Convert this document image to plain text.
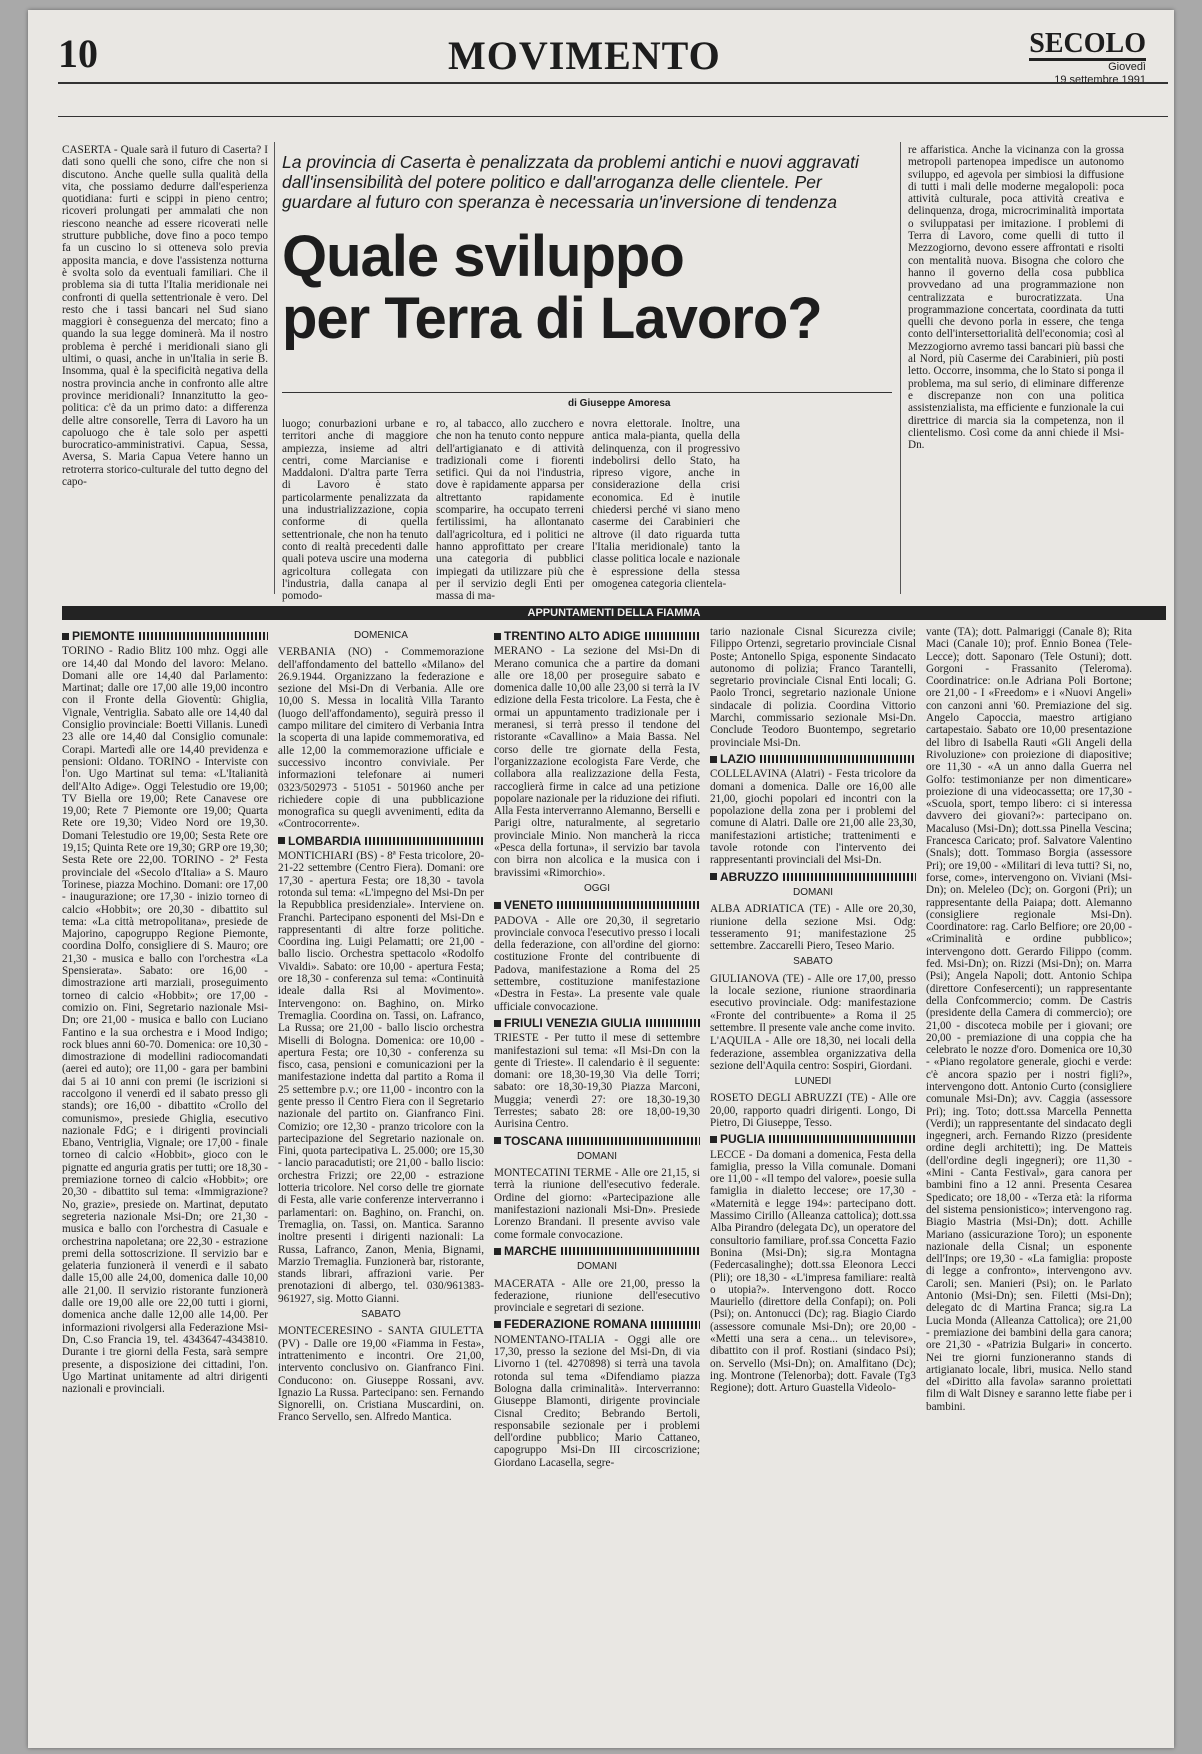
10	MOVIMENTO	SECOLO
Giovedì
19 settembre 1991

CASERTA - Quale sarà il futuro di Caserta? I dati sono quelli che sono, cifre che non si discutono. Anche quelle sulla qualità della vita, che possiamo dedurre dall'esperienza quotidiana: furti e scippi in pieno centro; ricoveri prolungati per ammalati che non riescono neanche ad essere ricoverati nelle strutture pubbliche, dove fino a poco tempo fa un cuscino lo si otteneva solo previa apposita mancia, e dove l'assistenza notturna è svolta solo da eventuali familiari. Che il problema sia di tutta l'Italia meridionale nei confronti di quella settentrionale è vero. Del resto che i tassi bancari nel Sud siano maggiori è conseguenza del mercato; fino a quando la sua legge dominerà. Ma il nostro problema è perché i meridionali siano gli ultimi, o quasi, anche in un'Italia in serie B. Insomma, qual è la specificità negativa della nostra provincia anche in confronto alle altre province meridionali? Innanzitutto la geo-politica: c'è da un primo dato: a differenza delle altre consorelle, Terra di Lavoro ha un capoluogo che è tale solo per aspetti burocratico-amministrativi. Capua, Sessa, Aversa, S. Maria Capua Vetere hanno un retroterra storico-culturale del tutto degno del capo-

La provincia di Caserta è penalizzata da problemi antichi e nuovi aggravati dall'insensibilità del potere politico e dall'arroganza delle clientele. Per guardare al futuro con speranza è necessaria un'inversione di tendenza
Quale sviluppo
per Terra di Lavoro?
di Giuseppe Amoresa

luogo; conurbazioni urbane e territori anche di maggiore ampiezza, insieme ad altri centri, come Marcianise e Maddaloni. D'altra parte Terra di Lavoro è stato particolarmente penalizzata da una industrializzazione, copia conforme di quella settentrionale, che non ha tenuto conto di realtà precedenti dalle quali poteva uscire una moderna agricoltura collegata con l'industria, dalla canapa al pomodo-

ro, al tabacco, allo zucchero e che non ha tenuto conto neppure dell'artigianato e di attività tradizionali come i fiorenti setifici. Qui da noi l'industria, dove è rapidamente apparsa per altrettanto rapidamente scomparire, ha occupato terreni fertilissimi, ha allontanato dall'agricoltura, ed i politici ne hanno approfittato per creare una categoria di pubblici impiegati da utilizzare più che per il servizio degli Enti per massa di ma-

novra elettorale. Inoltre, una antica mala-pianta, quella della delinquenza, con il progressivo indebolirsi dello Stato, ha ripreso vigore, anche in considerazione della crisi economica. Ed è inutile chiedersi perché vi siano meno caserme dei Carabinieri che altrove (il dato riguarda tutta l'Italia meridionale) tanto la classe politica locale e nazionale è espressione della stessa omogenea categoria clientela-

re affaristica. Anche la vicinanza con la grossa metropoli partenopea impedisce un autonomo sviluppo, ed agevola per simbiosi la diffusione di tutti i mali delle moderne megalopoli: poca attività culturale, poca attività creativa e delinquenza, droga, microcriminalità importata o sviluppatasi per imitazione. I problemi di Terra di Lavoro, come quelli di tutto il Mezzogiorno, devono essere affrontati e risolti con mentalità nuova. Bisogna che coloro che hanno il governo della cosa pubblica provvedano ad una programmazione non centralizzata e burocratizzata. Una programmazione concertata, coordinata da tutti quelli che devono porla in essere, che tenga conto dell'intersettorialità dell'economia; così al Mezzogiorno avremo tassi bancari più bassi che al Nord, più Caserme dei Carabinieri, più posti letto. Occorre, insomma, che lo Stato si ponga il problema, ma sul serio, di eliminare differenze e discrepanze non con una politica assistenzialista, ma efficiente e funzionale la cui direttrice di marcia sia la competenza, non il clientelismo. Così come da anni chiede il Msi-Dn.

APPUNTAMENTI DELLA FIAMMA
PIEMONTE

TORINO - Radio Blitz 100 mhz. Oggi alle ore 14,40 dal Mondo del lavoro: Melano. Domani alle ore 14,40 dal Parlamento: Martinat; dalle ore 17,00 alle 19,00 incontro con il Fronte della Gioventù: Ghiglia, Vignale, Ventriglia. Sabato alle ore 14,40 dal Consiglio provinciale: Boetti Villanis. Lunedì 23 alle ore 14,40 dal Consiglio comunale: Corapi. Martedì alle ore 14,40 previdenza e pensioni: Oldano. TORINO - Interviste con l'on. Ugo Martinat sul tema: «L'Italianità dell'Alto Adige». Oggi Telestudio ore 19,00; TV Biella ore 19,00; Rete Canavese ore 19,00; Rete 7 Piemonte ore 19,00; Quarta Rete ore 19,30; Video Nord ore 19,30. Domani Telestudio ore 19,00; Sesta Rete ore 19,15; Quinta Rete ore 19,30; GRP ore 19,30; Sesta Rete ore 22,00. TORINO - 2ª Festa provinciale del «Secolo d'Italia» a S. Mauro Torinese, piazza Mochino. Domani: ore 17,00 - inaugurazione; ore 17,30 - inizio torneo di calcio «Hobbit»; ore 20,30 - dibattito sul tema: «La città metropolitana», presiede de Majorino, capogruppo Regione Piemonte, coordina Dolfo, consigliere di S. Mauro; ore 21,30 - musica e ballo con l'orchestra «La Spensierata». Sabato: ore 16,00 - dimostrazione arti marziali, proseguimento torneo di calcio «Hobbit»; ore 17,00 - comizio on. Fini, Segretario nazionale Msi-Dn; ore 21,00 - musica e ballo con Luciano Fantino e la sua orchestra e i Mood Indigo; rock blues anni 60-70. Domenica: ore 10,30 - dimostrazione di modellini radiocomandati (aerei ed auto); ore 11,00 - gara per bambini dai 5 ai 10 anni con premi (le iscrizioni si raccolgono il venerdì ed il sabato presso gli stands); ore 16,00 - dibattito «Crollo del comunismo», presiede Ghiglia, esecutivo nazionale FdG; e i dirigenti provinciali Ebano, Ventriglia, Vignale; ore 17,00 - finale torneo di calcio «Hobbit», gioco con le pignatte ed anguria gratis per tutti; ore 18,30 - premiazione torneo di calcio «Hobbit»; ore 20,30 - dibattito sul tema: «Immigrazione? No, grazie», presiede on. Martinat, deputato segreteria nazionale Msi-Dn; ore 21,30 - musica e ballo con l'orchestra di Casuale e orchestrina napoletana; ore 22,30 - estrazione premi della sottoscrizione. Il servizio bar e gelateria funzionerà il venerdì e il sabato dalle 15,00 alle 24,00, domenica dalle 10,00 alle 21,00. Il servizio ristorante funzionerà dalle ore 19,00 alle ore 22,00 tutti i giorni, domenica anche dalle 12,00 alle 14,00. Per informazioni rivolgersi alla Federazione Msi-Dn, C.so Francia 19, tel. 4343647-4343810. Durante i tre giorni della Festa, sarà sempre presente, a disposizione dei cittadini, l'on. Ugo Martinat unitamente ad altri dirigenti nazionali e provinciali.

DOMENICA

VERBANIA (NO) - Commemorazione dell'affondamento del battello «Milano» del 26.9.1944. Organizzano la federazione e sezione del Msi-Dn di Verbania. Alle ore 10,00 S. Messa in località Villa Taranto (luogo dell'affondamento), seguirà presso il campo militare del cimitero di Verbania Intra la scoperta di una lapide commemorativa, ed alle 12,00 la commemorazione ufficiale e successivo incontro conviviale. Per informazioni telefonare ai numeri 0323/502973 - 51051 - 501960 anche per richiedere copie di una pubblicazione monografica su quegli avvenimenti, edita da «Controcorrente».

LOMBARDIA

MONTICHIARI (BS) - 8ª Festa tricolore, 20-21-22 settembre (Centro Fiera). Domani: ore 17,30 - apertura Festa; ore 18,30 - tavola rotonda sul tema: «L'impegno del Msi-Dn per la Repubblica presidenziale». Interviene on. Franchi. Partecipano esponenti del Msi-Dn e rappresentanti di altre forze politiche. Coordina ing. Luigi Pelamatti; ore 21,00 - ballo liscio. Orchestra spettacolo «Rodolfo Vivaldi». Sabato: ore 10,00 - apertura Festa; ore 18,30 - conferenza sul tema: «Continuità ideale dalla Rsi al Movimento». Intervengono: on. Baghino, on. Mirko Tremaglia. Coordina on. Tassi, on. Lafranco, La Russa; ore 21,00 - ballo liscio orchestra Miselli di Bologna. Domenica: ore 10,00 - apertura Festa; ore 10,30 - conferenza su fisco, casa, pensioni e comunicazioni per la manifestazione indetta dal partito a Roma il 25 settembre p.v.; ore 11,00 - incontro con la gente presso il Centro Fiera con il Segretario nazionale del partito on. Gianfranco Fini. Comizio; ore 12,30 - pranzo tricolore con la partecipazione del Segretario nazionale on. Fini, quota partecipativa L. 25.000; ore 15,30 - lancio paracadutisti; ore 21,00 - ballo liscio: orchestra Frizzi; ore 22,00 - estrazione lotteria tricolore. Nel corso delle tre giornate di Festa, alle varie conferenze interverranno i parlamentari: on. Baghino, on. Franchi, on. Tremaglia, on. Tassi, on. Mantica. Saranno inoltre presenti i dirigenti nazionali: La Russa, Lafranco, Zanon, Menia, Bignami, Marzio Tremaglia. Funzionerà bar, ristorante, stands librari, affrazioni varie. Per prenotazioni di albergo, tel. 030/961383-961927, sig. Motto Gianni.

SABATO

MONTECERESINO - SANTA GIULETTA (PV) - Dalle ore 19,00 «Fiamma in Festa», intrattenimento e incontri. Ore 21,00, intervento conclusivo on. Gianfranco Fini. Conducono: on. Giuseppe Rossani, avv. Ignazio La Russa. Partecipano: sen. Fernando Signorelli, on. Cristiana Muscardini, on. Franco Servello, sen. Alfredo Mantica.

TRENTINO ALTO ADIGE

MERANO - La sezione del Msi-Dn di Merano comunica che a partire da domani alle ore 18,00 per proseguire sabato e domenica dalle 10,00 alle 23,00 si terrà la IV edizione della Festa tricolore. La Festa, che è ormai un appuntamento tradizionale per i meranesi, si terrà presso il tendone del ristorante «Cavallino» a Maia Bassa. Nel corso delle tre giornate della Festa, l'organizzazione ecologista Fare Verde, che collabora alla realizzazione della Festa, raccoglierà firme in calce ad una petizione popolare nazionale per la riduzione dei rifiuti. Alla Festa interverranno Alemanno, Berselli e Parigi oltre, naturalmente, al segretario provinciale Minio. Non mancherà la ricca «Pesca della fortuna», il servizio bar tavola con birra non alcolica e la musica con i bravissimi «Rimorchio».

OGGI
VENETO

PADOVA - Alle ore 20,30, il segretario provinciale convoca l'esecutivo presso i locali della federazione, con all'ordine del giorno: costituzione Fronte del contribuente di Padova, manifestazione a Roma del 25 settembre, costituzione manifestazione «Destra in Festa». La presente vale quale ufficiale convocazione.

FRIULI VENEZIA GIULIA

TRIESTE - Per tutto il mese di settembre manifestazioni sul tema: «Il Msi-Dn con la gente di Trieste». Il calendario è il seguente: domani: ore 18,30-19,30 Via delle Torri; sabato: ore 18,30-19,30 Piazza Marconi, Muggia; venerdì 27: ore 18,30-19,30 Terrestes; sabato 28: ore 18,00-19,30 Aurisina Centro.

TOSCANA
DOMANI

MONTECATINI TERME - Alle ore 21,15, si terrà la riunione dell'esecutivo federale. Ordine del giorno: «Partecipazione alle manifestazioni nazionali Msi-Dn». Presiede Lorenzo Brandani. Il presente avviso vale come formale convocazione.

MARCHE
DOMANI

MACERATA - Alle ore 21,00, presso la federazione, riunione dell'esecutivo provinciale e segretari di sezione.

FEDERAZIONE ROMANA

NOMENTANO-ITALIA - Oggi alle ore 17,30, presso la sezione del Msi-Dn, di via Livorno 1 (tel. 4270898) si terrà una tavola rotonda sul tema «Difendiamo piazza Bologna dalla criminalità». Interverranno: Giuseppe Blamonti, dirigente provinciale Cisnal Credito; Bebrando Bertoli, responsabile sezionale per i problemi dell'ordine pubblico; Mario Cattaneo, capogruppo Msi-Dn III circoscrizione; Giordano Lacasella, segre-

tario nazionale Cisnal Sicurezza civile; Filippo Ortenzi, segretario provinciale Cisnal Poste; Antonello Spiga, esponente Sindacato autonomo di polizia; Franco Tarantelli, segretario provinciale Cisnal Enti locali; G. Paolo Tronci, segretario nazionale Unione sindacale di polizia. Coordina Vittorio Marchi, commissario sezionale Msi-Dn. Conclude Teodoro Buontempo, segretario provinciale Msi-Dn.

LAZIO

COLLELAVINA (Alatri) - Festa tricolore da domani a domenica. Dalle ore 16,00 alle 21,00, giochi popolari ed incontri con la popolazione della zona per i problemi del comune di Alatri. Dalle ore 21,00 alle 23,30, manifestazioni artistiche; trattenimenti e tavole rotonde con l'intervento dei rappresentanti provinciali del Msi-Dn.

ABRUZZO
DOMANI

ALBA ADRIATICA (TE) - Alle ore 20,30, riunione della sezione Msi. Odg: tesseramento 91; manifestazione 25 settembre. Zaccarelli Piero, Teseo Mario.

SABATO

GIULIANOVA (TE) - Alle ore 17,00, presso la locale sezione, riunione straordinaria esecutivo provinciale. Odg: manifestazione «Fronte del contribuente» a Roma il 25 settembre. Il presente vale anche come invito.

L'AQUILA - Alle ore 18,30, nei locali della federazione, assemblea organizzativa della sezione dell'Aquila centro: Sospiri, Giordani.

LUNEDI

ROSETO DEGLI ABRUZZI (TE) - Alle ore 20,00, rapporto quadri dirigenti. Longo, Di Pietro, Di Giuseppe, Tesso.

PUGLIA

LECCE - Da domani a domenica, Festa della famiglia, presso la Villa comunale. Domani ore 11,00 - «Il tempo del valore», poesie sulla famiglia in dialetto leccese; ore 17,30 - «Maternità e legge 194»: partecipano dott. Massimo Cirillo (Alleanza cattolica); dott.ssa Alba Pirandro (delegata Dc), un operatore del consultorio familiare, prof.ssa Concetta Fazio Bonina (Msi-Dn); sig.ra Montagna (Federcasalinghe); dott.ssa Eleonora Lecci (Pli); ore 18,30 - «L'impresa familiare: realtà o utopia?». Intervengono dott. Rocco Mauriello (direttore della Confapi); on. Poli (Psi); on. Antonucci (Dc); rag. Biagio Ciardo (assessore comunale Msi-Dn); ore 20,00 - «Metti una sera a cena... un televisore», dibattito con il prof. Rostiani (sindaco Psi); on. Servello (Msi-Dn); on. Amalfitano (Dc); ing. Montrone (Telenorba); dott. Favale (Tg3 Regione); dott. Arturo Guastella Videolo-

vante (TA); dott. Palmariggi (Canale 8); Rita Maci (Canale 10); prof. Ennio Bonea (Tele-Lecce); dott. Saponaro (Tele Ostuni); dott. Gorgoni - Frassanito (Teleroma). Coordinatrice: on.le Adriana Poli Bortone; ore 21,00 - I «Freedom» e i «Nuovi Angeli» con canzoni anni '60. Premiazione del sig. Angelo Capoccia, maestro artigiano cartapestaio. Sabato ore 10,00 presentazione del libro di Isabella Rauti «Gli Angeli della Rivoluzione» con proiezione di diapositive; ore 11,30 - «A un anno dalla Guerra nel Golfo: testimonianze per non dimenticare» proiezione di una videocassetta; ore 17,30 - «Scuola, sport, tempo libero: ci si interessa davvero dei giovani?»: partecipano on. Macaluso (Msi-Dn); dott.ssa Pinella Vescina; Francesca Caricato; prof. Salvatore Valentino (Snals); dott. Tommaso Borgia (assessore Pri); ore 19,00 - «Militari di leva tutti? Si, no, forse, come», intervengono on. Viviani (Msi-Dn); on. Meleleo (Dc); on. Gorgoni (Pri); un rappresentante della Paiapa; dott. Alemanno (consigliere regionale Msi-Dn). Coordinatore: rag. Carlo Belfiore; ore 20,00 - «Criminalità e ordine pubblico»; intervengono dott. Gerardo Filippo (comm. fed. Msi-Dn); on. Rizzi (Msi-Dn); on. Marra (Psi); Angela Napoli; dott. Antonio Schipa (direttore Confesercenti); un rappresentante della Confcommercio; comm. De Castris (presidente della Camera di commercio); ore 21,00 - discoteca mobile per i giovani; ore 20,00 - premiazione di una coppia che ha celebrato le nozze d'oro. Domenica ore 10,30 - «Piano regolatore generale, giochi e verde: c'è ancora spazio per i nostri figli?», intervengono dott. Antonio Curto (consigliere comunale Msi-Dn); avv. Caggia (assessore Pri); ing. Toto; dott.ssa Marcella Pennetta (Verdi); un rappresentante del sindacato degli ingegneri, arch. Fernando Rizzo (presidente ordine degli architetti); ing. De Matteis (dell'ordine degli ingegneri); ore 11,30 - «Mini - Canta Festival», gara canora per bambini fino a 12 anni. Presenta Cesarea Spedicato; ore 18,00 - «Terza età: la riforma del sistema pensionistico»; intervengono rag. Biagio Mastria (Msi-Dn); dott. Achille Mariano (assicurazione Toro); un esponente nazionale della Cisnal; un esponente dell'Inps; ore 19,30 - «La famiglia: proposte di legge a confronto», intervengono avv. Caroli; sen. Manieri (Psi); on. le Parlato Antonio (Msi-Dn); sen. Filetti (Msi-Dn); delegato dc di Martina Franca; sig.ra La Lucia Monda (Alleanza Cattolica); ore 21,00 - premiazione dei bambini della gara canora; ore 21,30 - «Patrizia Bulgari» in concerto. Nei tre giorni funzioneranno stands di artigianato locale, libri, musica. Nello stand del «Diritto alla favola» saranno proiettati film di Walt Disney e saranno lette fiabe per i bambini.
